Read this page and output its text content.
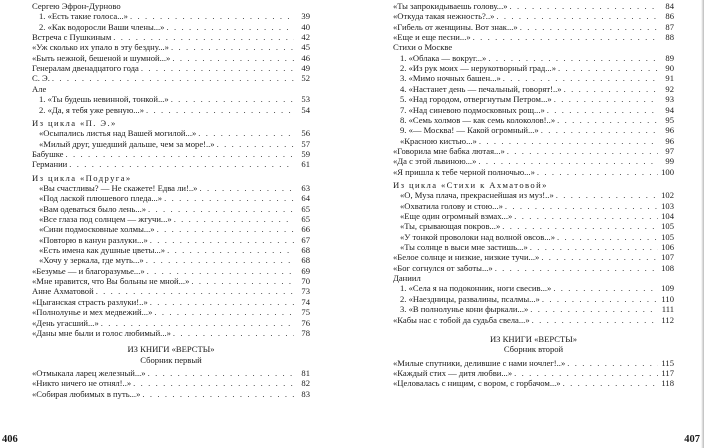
Сергею Эфрон-Дурново
1. «Есть такие голоса...» . . .	39
2. «Как водоросли Ваши члены...» . . .	40
Встреча с Пушкиным . . .	42
«Уж сколько их упало в эту бездну...» . . .	45
«Быть нежной, бешеной и шумной...» . . .	46
Генералам двенадцатого года . . .	49
С. Э. . . .	52
Але
1. «Ты будешь невинной, тонкой...» . . .	53
2. «Да, я тебя уже ревную...» . . .	54
Из цикла «П. Э.»
«Осыпались листья над Вашей могилой...» . . .	56
«Милый друг, ушедший дальше, чем за море!..» . . .	57
Бабушке . . .	59
Германии . . .	61
Из цикла «Подруга»
«Вы счастливы? — Не скажете! Едва ли!..» . . .	63
«Под лаской плюшевого пледа...» . . .	64
«Вам одеваться было лень...» . . .	65
«Все глаза под солнцем — жгучи...» . . .	65
«Сини подмосковные холмы...» . . .	66
«Повторю в канун разлуки...» . . .	67
«Есть имена как душные цветы...» . . .	68
«Хочу у зеркала, где муть...» . . .	68
«Безумье — и благоразумье...» . . .	69
«Мне нравится, что Вы больны не мной...» . . .	70
Анне Ахматовой . . .	73
«Цыганская страсть разлуки!..» . . .	74
«Полнолунье и мех медвежий...» . . .	75
«День угасший...» . . .	76
«Даны мне были и голос любимый...» . . .	78
ИЗ КНИГИ «ВЕРСТЫ»
Сборник первый
«Отмыкала ларец железный...» . . .	81
«Никто ничего не отнял!..» . . .	82
«Собирая любимых в путь...» . . .	83
«Ты запрокидываешь голову...» . . .	84
«Откуда такая нежность?..» . . .	86
«Гибель от женщины. Вот знак...» . . .	87
«Еще и еще песни...» . . .	88
Стихи о Москве
1. «Облака — вокруг...» . . .	89
2. «Из рук моих — нерукотворный град...» . . .	90
3. «Мимо ночных башен...» . . .	91
4. «Настанет день — печальный, говорят!..» . . .	92
5. «Над городом, отвергнутым Петром...» . . .	93
7. «Над синевою подмосковных рощ...» . . .	94
8. «Семь холмов — как семь колоколов!..» . . .	95
9. «— Москва! — Какой огромный...» . . .	96
«Красною кистью...» . . .	96
«Говорила мне бабка лютая...» . . .	97
«Да с этой львиною...» . . .	99
«Я пришла к тебе черной полночью...» . . .	100
Из цикла «Стихи к Ахматовой»
«О, Муза плача, прекраснейшая из муз!..» . . .	102
«Охватила голову и стою...» . . .	103
«Еще один огромный взмах...» . . .	104
«Ты, срывающая покров...» . . .	105
«У тонкой проволоки над волной овсов...» . . .	105
«Ты солнце в выси мне застишь...» . . .	106
«Белое солнце и низкие, низкие тучи...» . . .	107
«Бог согнулся от заботы...» . . .	108
Даниил
1. «Села я на подоконник, ноги свесив...» . . .	109
2. «Наездницы, развалины, псалмы...» . . .	110
3. «В полнолунье кони фыркали...» . . .	111
«Кабы нас с тобой да судьба свела...» . . .	112
ИЗ КНИГИ «ВЕРСТЫ»
Сборник второй
«Милые спутники, делившие с нами ночлег!..» . . .	115
«Каждый стих — дитя любви...» . . .	117
«Целовалась с нищим, с вором, с горбачом...» . . .	118
406	407
